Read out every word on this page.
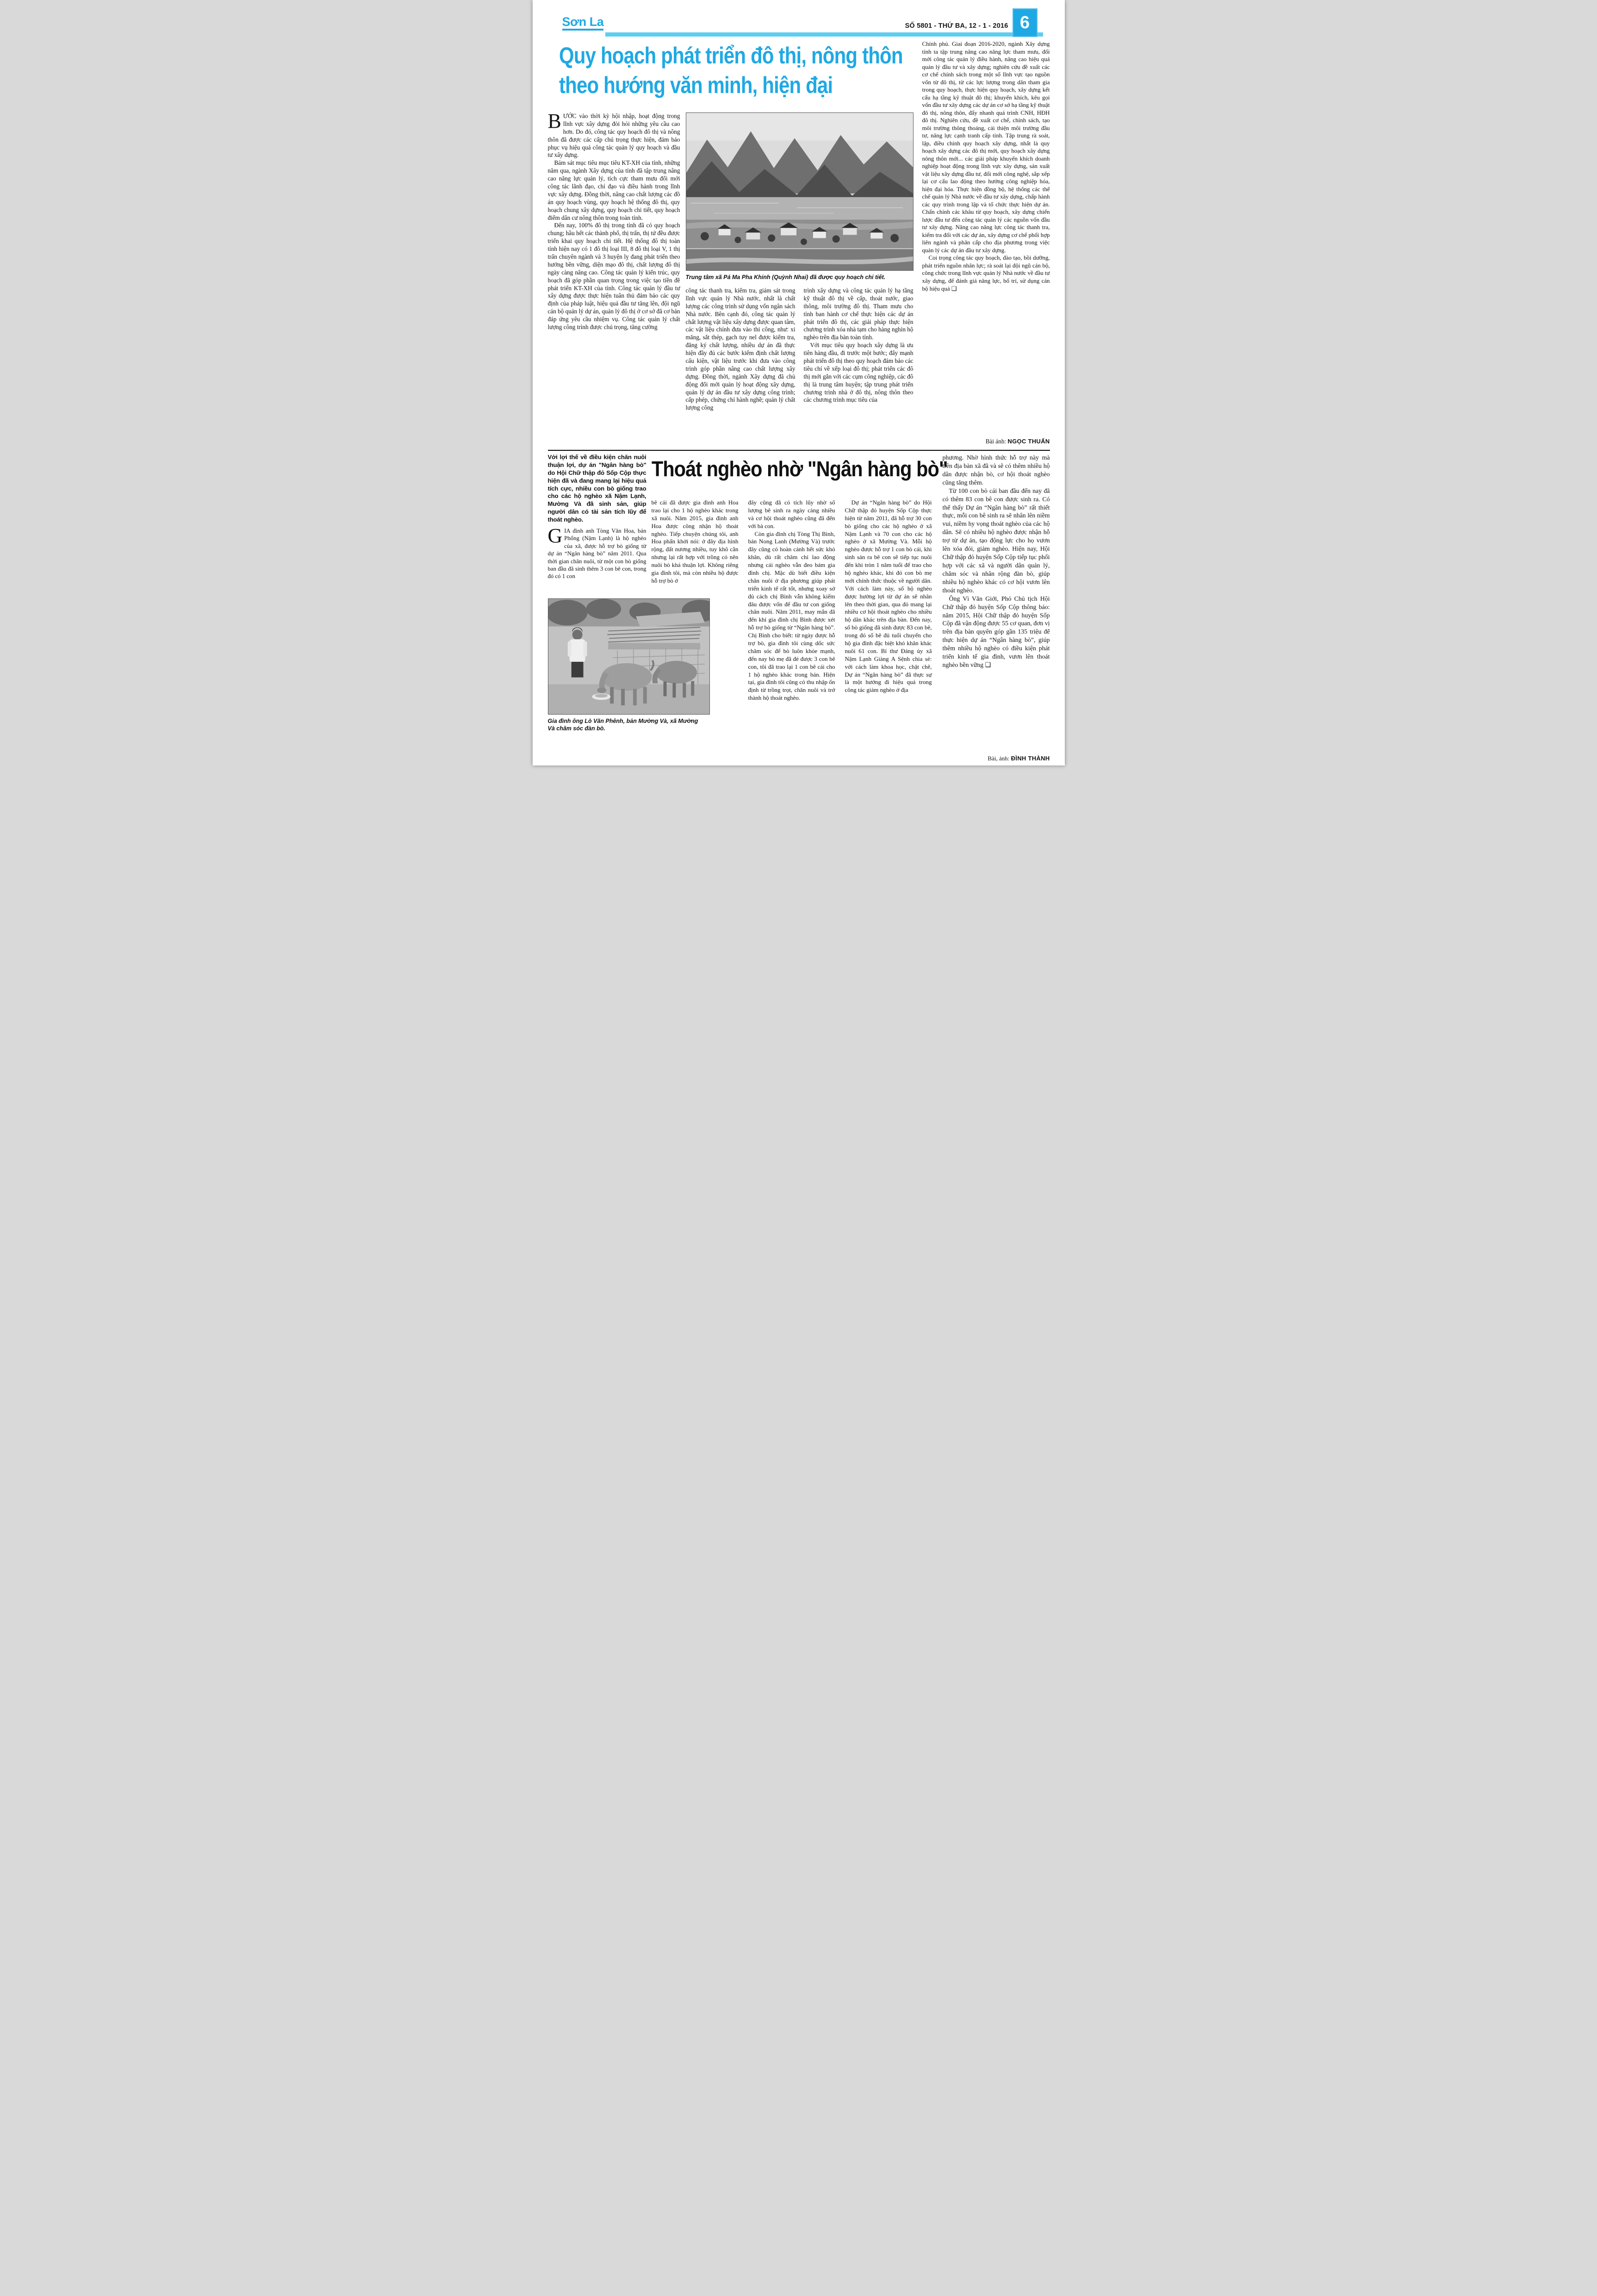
Sơn La	SỐ 5801 - THỨ BA, 12 - 1 - 2016 6
Quy hoạch phát triển đô thị, nông thôn
theo hướng văn minh, hiện đại

BƯỚC vào thời kỳ hội nhập, hoạt động trong lĩnh vực xây dựng đòi hỏi những yêu cầu cao hơn. Do đó, công tác quy hoạch đô thị và nông thôn đã được các cấp chú trọng thực hiện, đảm bảo phục vụ hiệu quả công tác quản lý quy hoạch và đầu tư xây dựng.

Bám sát mục tiêu mục tiêu KT-XH của tỉnh, những năm qua, ngành Xây dựng của tỉnh đã tập trung nâng cao năng lực quản lý, tích cực tham mưu đổi mới công tác lãnh đạo, chỉ đạo và điều hành trong lĩnh vực xây dựng. Đồng thời, nâng cao chất lượng các đồ án quy hoạch vùng, quy hoạch hệ thống đô thị, quy hoạch chung xây dựng, quy hoạch chi tiết, quy hoạch điểm dân cư nông thôn trong toàn tỉnh.

Đến nay, 100% đô thị trong tỉnh đã có quy hoạch chung; hầu hết các thành phố, thị trấn, thị tứ đều được triển khai quy hoạch chi tiết. Hệ thống đô thị toàn tỉnh hiện nay có 1 đô thị loại III, 8 đô thị loại V, 1 thị trấn chuyên ngành và 3 huyện lỵ đang phát triển theo hướng bền vững, diện mạo đô thị, chất lượng đô thị ngày càng nâng cao. Công tác quản lý kiến trúc, quy hoạch đã góp phần quan trọng trong việc tạo tiền đề phát triển KT-XH của tỉnh. Công tác quản lý đầu tư xây dựng được thực hiện tuân thủ đảm bảo các quy định của pháp luật, hiệu quả đầu tư tăng lên, đội ngũ cán bộ quản lý dự án, quản lý đô thị ở cơ sở đã cơ bản đáp ứng yêu cầu nhiệm vụ. Công tác quản lý chất lượng công trình được chú trọng, tăng cường

Trung tâm xã Pá Ma Pha Khinh (Quỳnh Nhai) đã được quy hoạch chi tiết.

công tác thanh tra, kiểm tra, giám sát trong lĩnh vực quản lý Nhà nước, nhất là chất lượng các công trình sử dụng vốn ngân sách Nhà nước. Bên cạnh đó, công tác quản lý chất lượng vật liệu xây dựng được quan tâm, các vật liệu chính đưa vào thi công, như: xi măng, sắt thép, gạch tuy nel được kiểm tra, đăng ký chất lượng, nhiều dự án đã thực hiện đầy đủ các bước kiểm định chất lượng cấu kiện, vật liệu trước khi đưa vào công trình góp phần nâng cao chất lượng xây dựng. Đồng thời, ngành Xây dựng đã chủ động đổi mới quản lý hoạt động xây dựng, quản lý dự án đầu tư xây dựng công trình; cấp phép, chứng chỉ hành nghề; quản lý chất lượng công

trình xây dựng và công tác quản lý hạ tầng kỹ thuật đô thị về cấp, thoát nước, giao thông, môi trường đô thị. Tham mưu cho tỉnh ban hành cơ chế thực hiện các dự án phát triển đô thị, các giải pháp thực hiện chương trình xóa nhà tạm cho hàng nghìn hộ nghèo trên địa bàn toàn tỉnh.

Với mục tiêu quy hoạch xây dựng là ưu tiên hàng đầu, đi trước một bước; đẩy mạnh phát triển đô thị theo quy hoạch đảm bảo các tiêu chí về xếp loại đô thị; phát triển các đô thị mới gắn với các cụm công nghiệp, các đô thị là trung tâm huyện; tập trung phát triển chương trình nhà ở đô thị, nông thôn theo các chương trình mục tiêu của

Chính phủ. Giai đoạn 2016-2020, ngành Xây dựng tỉnh ta tập trung nâng cao năng lực tham mưu, đổi mới công tác quản lý điều hành, nâng cao hiệu quả quản lý đầu tư và xây dựng; nghiên cứu đề xuất các cơ chế chính sách trong một số lĩnh vực tạo nguồn vốn từ đô thị, từ các lực lượng trong dân tham gia trong quy hoạch, thực hiện quy hoạch, xây dựng kết cấu hạ tầng kỹ thuật đô thị; khuyến khích, kêu gọi vốn đầu tư xây dựng các dự án cơ sở hạ tầng kỹ thuật đô thị, nông thôn, đẩy nhanh quá trình CNH, HĐH đô thị. Nghiên cứu, đề xuất cơ chế, chính sách, tạo môi trường thông thoáng, cải thiện môi trường đầu tư, năng lực cạnh tranh cấp tỉnh. Tập trung rà soát, lập, điều chỉnh quy hoạch xây dựng, nhất là quy hoạch xây dựng các đô thị mới, quy hoạch xây dựng nông thôn mới... các giải pháp khuyến khích doanh nghiệp hoạt động trong lĩnh vực xây dựng, sản xuất vật liệu xây dựng đầu tư, đổi mới công nghệ, sắp xếp lại cơ cấu lao động theo hướng công nghiệp hóa, hiện đại hóa. Thực hiện đồng bộ, hệ thống các thể chế quản lý Nhà nước về đầu tư xây dựng, chấp hành các quy trình trong lập và tổ chức thực hiện dự án. Chấn chỉnh các khâu từ quy hoạch, xây dựng chiến lược đầu tư đến công tác quản lý các nguồn vốn đầu tư xây dựng. Nâng cao năng lực công tác thanh tra, kiểm tra đối với các dự án, xây dựng cơ chế phối hợp liên ngành và phân cấp cho địa phương trong việc quản lý các dự án đầu tư xây dựng.

Coi trọng công tác quy hoạch, đào tạo, bồi dưỡng, phát triển nguồn nhân lực; rà soát lại đội ngũ cán bộ, công chức trong lĩnh vực quản lý Nhà nước về đầu tư xây dựng, để đánh giá năng lực, bố trí, sử dụng cán bộ hiệu quả ❑

Bài ảnh: NGỌC THUẤN

Với lợi thế về điều kiện chăn nuôi thuận lợi, dự án "Ngân hàng bò" do Hội Chữ thập đỏ Sốp Cộp thực hiện đã và đang mang lại hiệu quả tích cực, nhiều con bò giống trao cho các hộ nghèo xã Nậm Lạnh, Mường Và đã sinh sản, giúp người dân có tài sản tích lũy để thoát nghèo.

GIA đình anh Tòng Văn Hoa, bản Phổng (Nậm Lạnh) là hộ nghèo của xã, được hỗ trợ bò giống từ dự án “Ngân hàng bò” năm 2011. Qua thời gian chăn nuôi, từ một con bò giống ban đầu đã sinh thêm 3 con bê con, trong đó có 1 con

Thoát nghèo nhờ "Ngân hàng bò"

bê cái đã được gia đình anh Hoa trao lại cho 1 hộ nghèo khác trong xã nuôi. Năm 2015, gia đình anh Hoa được công nhận hộ thoát nghèo. Tiếp chuyện chúng tôi, anh Hoa phấn khởi nói: ở đây địa hình rộng, đất nương nhiều, tuy khô cằn nhưng lại rất hợp với trồng cỏ nên nuôi bò khá thuận lợi. Không riêng gia đình tôi, mà còn nhiều hộ được hỗ trợ bò ở

đây cũng đã có tích lũy nhờ số lượng bê sinh ra ngày càng nhiều và cơ hội thoát nghèo cũng đã đến với bà con.

Còn gia đình chị Tòng Thị Bình, bản Nong Lanh (Mường Và) trước đây cũng có hoàn cảnh hết sức khó khăn, dù rất chăm chỉ lao động nhưng cái nghèo vẫn đeo bám gia đình chị. Mặc dù biết điều kiện chăn nuôi ở địa phương giúp phát triển kinh tế rất tốt, nhưng xoay sở đủ cách chị Bình vẫn không kiếm đâu được vốn để đầu tư con giống chăn nuôi. Năm 2011, may mắn đã đến khi gia đình chị Bình được xét hỗ trợ bò giống từ “Ngân hàng bò”. Chị Bình cho biết: từ ngày được hỗ trợ bò, gia đình tôi cùng dốc sức chăm sóc để bò luôn khỏe mạnh, đến nay bò mẹ đã đẻ được 3 con bê con, tôi đã trao lại 1 con bê cái cho 1 hộ nghèo khác trong bản. Hiện tại, gia đình tôi cũng có thu nhập ổn định từ trồng trọt, chăn nuôi và trở thành hộ thoát nghèo.

Dự án “Ngân hàng bò” do Hội Chữ thập đỏ huyện Sốp Cộp thực hiện từ năm 2011, đã hỗ trợ 30 con bò giống cho các hộ nghèo ở xã Nậm Lạnh và 70 con cho các hộ nghèo ở xã Mường Và. Mỗi hộ nghèo được hỗ trợ 1 con bò cái, khi sinh sản ra bê con sẽ tiếp tục nuôi đến khi tròn 1 năm tuổi để trao cho hộ nghèo khác, khi đó con bò mẹ mới chính thức thuộc về người dân. Với cách làm này, số hộ nghèo được hưởng lợi từ dự án sẽ nhân lên theo thời gian, qua đó mang lại nhiều cơ hội thoát nghèo cho nhiều hộ dân khác trên địa bàn. Đến nay, số bò giống đã sinh được 83 con bê, trong đó số bê đủ tuổi chuyển cho hộ gia đình đặc biệt khó khăn khác nuôi 61 con. Bí thư Đảng ủy xã Nậm Lạnh Giàng A Sệnh chia sẻ: với cách làm khoa học, chặt chẽ, Dự án “Ngân hàng bò” đã thực sự là một hướng đi hiệu quả trong công tác giảm nghèo ở địa

phương. Nhờ hình thức hỗ trợ này mà trên địa bàn xã đã và sẽ có thêm nhiều hộ dân được nhận bò, cơ hội thoát nghèo cũng tăng thêm.

Từ 100 con bò cái ban đầu đến nay đã có thêm 83 con bê con được sinh ra. Có thể thấy Dự án “Ngân hàng bò” rất thiết thực, mỗi con bê sinh ra sẽ nhân lên niềm vui, niềm hy vọng thoát nghèo của các hộ dân. Sẽ có nhiều hộ nghèo được nhận hỗ trợ từ dự án, tạo động lực cho họ vươn lên xóa đói, giảm nghèo. Hiện nay, Hội Chữ thập đỏ huyện Sốp Cộp tiếp tục phối hợp với các xã và người dân quản lý, chăm sóc và nhân rộng đàn bò, giúp nhiều hộ nghèo khác có cơ hội vươn lên thoát nghèo.

Ông Vì Văn Giới, Phó Chủ tịch Hội Chữ thập đỏ huyện Sốp Cộp thông báo: năm 2015, Hội Chữ thập đỏ huyện Sốp Cộp đã vận động được 55 cơ quan, đơn vị trên địa bàn quyên góp gần 135 triệu để thực hiện dự án “Ngân hàng bò”, giúp thêm nhiều hộ nghèo có điều kiện phát triển kinh tế gia đình, vươn lên thoát nghèo bền vững ❑

Bài, ảnh: ĐÌNH THÀNH

Gia đình ông Lò Văn Phênh, bản Mường Và, xã Mường Và chăm sóc đàn bò.
